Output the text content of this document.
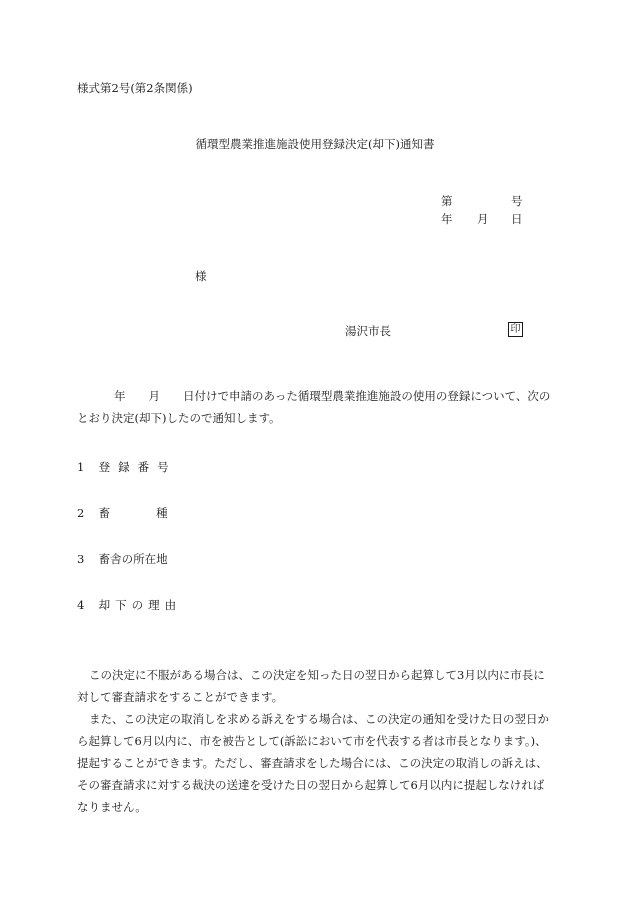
様式第2号(第2条関係)
循環型農業推進施設使用登録決定(却下)通知書
第	号
年 月 日
様
湯沢市長	印
年　　月　　日付けで申請のあった循環型農業推進施設の使用の登録について、次のとおり決定(却下)したので通知します。
1 登録番号
2 畜　　　　種
3 畜舎の所在地
4 却下の理由

この決定に不服がある場合は、この決定を知った日の翌日から起算して3月以内に市長に対して審査請求をすることができます。

また、この決定の取消しを求める訴えをする場合は、この決定の通知を受けた日の翌日から起算して6月以内に、市を被告として(訴訟において市を代表する者は市長となります。)、提起することができます。ただし、審査請求をした場合には、この決定の取消しの訴えは、その審査請求に対する裁決の送達を受けた日の翌日から起算して6月以内に提起しなければなりません。
